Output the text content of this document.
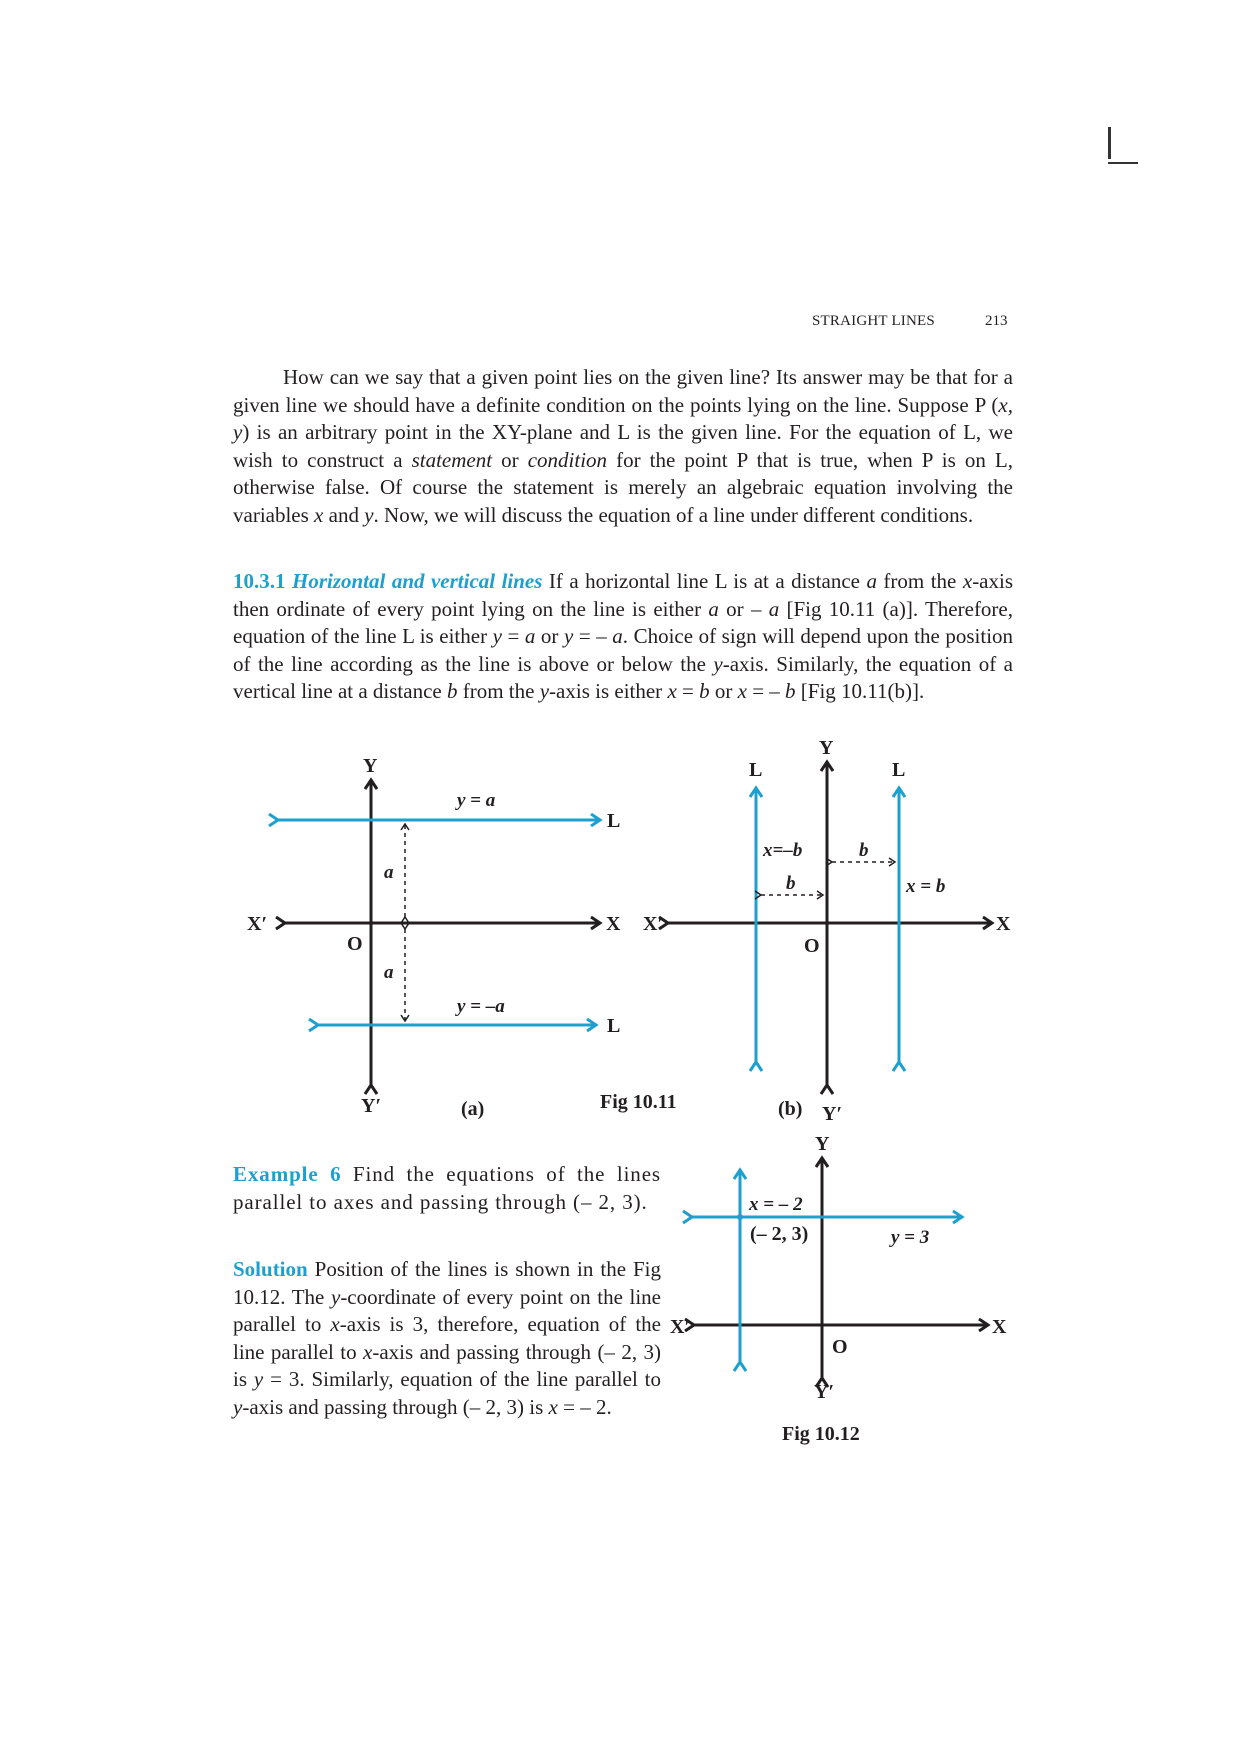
STRAIGHT LINES	213

How can we say that a given point lies on the given line? Its answer may be that for a given line we should have a definite condition on the points lying on the line. Suppose P (x, y) is an arbitrary point in the XY-plane and L is the given line. For the equation of L, we wish to construct a statement or condition for the point P that is true, when P is on L, otherwise false. Of course the statement is merely an algebraic equation involving the variables x and y. Now, we will discuss the equation of a line under different conditions.

10.3.1 Horizontal and vertical lines If a horizontal line L is at a distance a from the x-axis then ordinate of every point lying on the line is either a or – a [Fig 10.11 (a)]. Therefore, equation of the line L is either y = a or y = – a. Choice of sign will depend upon the position of the line according as the line is above or below the y-axis. Similarly, the equation of a vertical line at a distance b from the y-axis is either x = b or x = – b [Fig 10.11(b)].

Y
Y′
X′	X
O
y = a
y = –a
L
L
a
a
(a)	Fig 10.11
Y
Y′
X′	X
O
L	L
x=–b
x = b
b
b
(b)
Y
Y′
X′	X
O
x = – 2
(– 2, 3)	y = 3
Fig 10.12

Example 6 Find the equations of the lines parallel to axes and passing through (– 2, 3).

Solution Position of the lines is shown in the Fig 10.12. The y-coordinate of every point on the line parallel to x-axis is 3, therefore, equation of the line parallel to x-axis and passing through (– 2, 3) is y = 3. Similarly, equation of the line parallel to y-axis and passing through (– 2, 3) is x = – 2.
